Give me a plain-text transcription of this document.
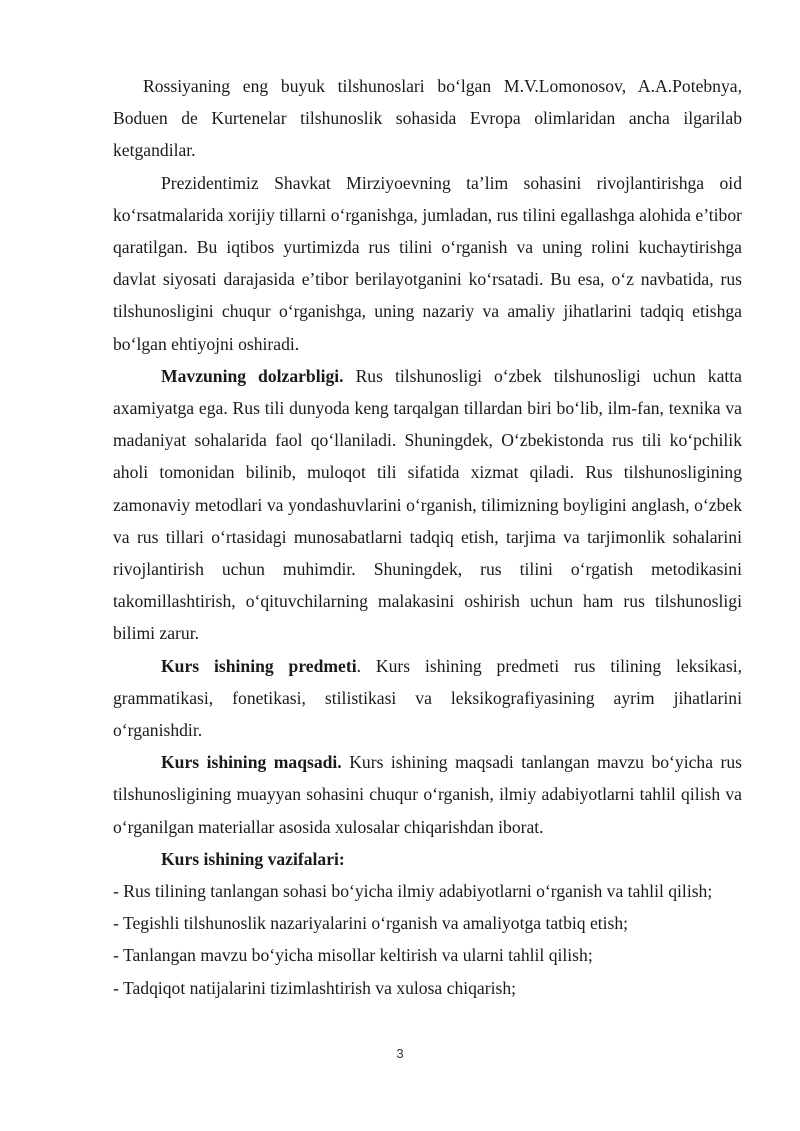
Rossiyaning eng buyuk tilshunoslari bo‘lgan M.V.Lomonosov, A.A.Potebnya, Boduen de Kurtenelar tilshunoslik sohasida Evropa olimlaridan ancha ilgarilab ketgandilar.

Prezidentimiz Shavkat Mirziyoevning ta’lim sohasini rivojlantirishga oid ko‘rsatmalarida xorijiy tillarni o‘rganishga, jumladan, rus tilini egallashga alohida e’tibor qaratilgan. Bu iqtibos yurtimizda rus tilini o‘rganish va uning rolini kuchaytirishga davlat siyosati darajasida e’tibor berilayotganini ko‘rsatadi. Bu esa, o‘z navbatida, rus tilshunosligini chuqur o‘rganishga, uning nazariy va amaliy jihatlarini tadqiq etishga bo‘lgan ehtiyojni oshiradi.

Mavzuning dolzarbligi. Rus tilshunosligi o‘zbek tilshunosligi uchun katta axamiyatga ega. Rus tili dunyoda keng tarqalgan tillardan biri bo‘lib, ilm-fan, texnika va madaniyat sohalarida faol qo‘llaniladi. Shuningdek, O‘zbekistonda rus tili ko‘pchilik aholi tomonidan bilinib, muloqot tili sifatida xizmat qiladi. Rus tilshunosligining zamonaviy metodlari va yondashuvlarini o‘rganish, tilimizning boyligini anglash, o‘zbek va rus tillari o‘rtasidagi munosabatlarni tadqiq etish, tarjima va tarjimonlik sohalarini rivojlantirish uchun muhimdir. Shuningdek, rus tilini o‘rgatish metodikasini takomillashtirish, o‘qituvchilarning malakasini oshirish uchun ham rus tilshunosligi bilimi zarur.

Kurs ishining predmeti. Kurs ishining predmeti rus tilining leksikasi, grammatikasi, fonetikasi, stilistikasi va leksikografiyasining ayrim jihatlarini o‘rganishdir.

Kurs ishining maqsadi. Kurs ishining maqsadi tanlangan mavzu bo‘yicha rus tilshunosligining muayyan sohasini chuqur o‘rganish, ilmiy adabiyotlarni tahlil qilish va o‘rganilgan materiallar asosida xulosalar chiqarishdan iborat.

Kurs ishining vazifalari:

- Rus tilining tanlangan sohasi bo‘yicha ilmiy adabiyotlarni o‘rganish va tahlil qilish;

- Tegishli tilshunoslik nazariyalarini o‘rganish va amaliyotga tatbiq etish;

- Tanlangan mavzu bo‘yicha misollar keltirish va ularni tahlil qilish;

- Tadqiqot natijalarini tizimlashtirish va xulosa chiqarish;

3
